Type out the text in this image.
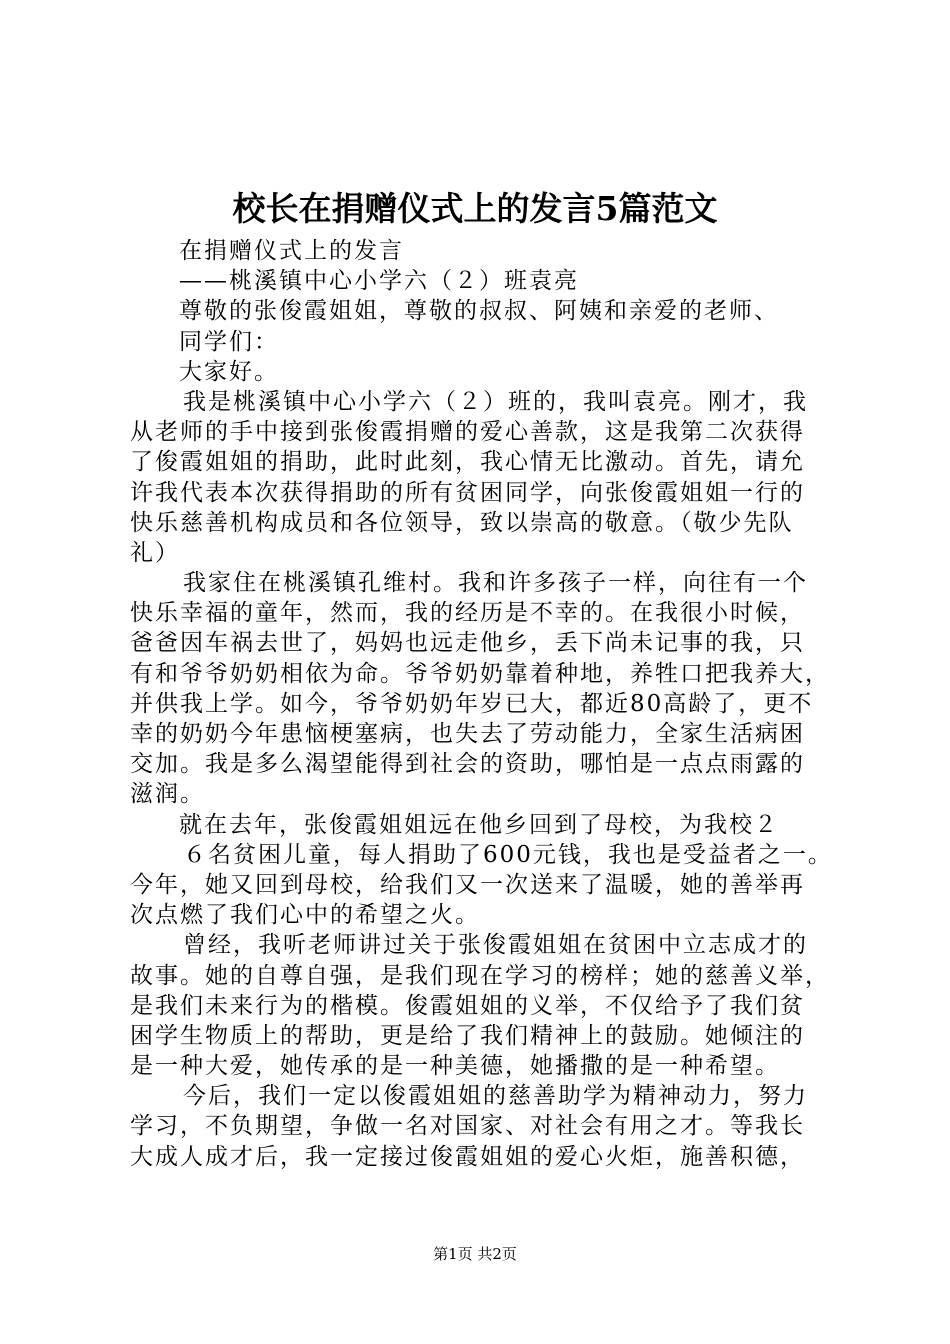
校长在捐赠仪式上的发言5篇范文
在捐赠仪式上的发言
——桃溪镇中心小学六（２）班袁亮
尊敬的张俊霞姐姐，尊敬的叔叔、阿姨和亲爱的老师、
同学们：
大家好。
我是桃溪镇中心小学六（２）班的，我叫袁亮。刚才，我
从老师的手中接到张俊霞捐赠的爱心善款，这是我第二次获得
了俊霞姐姐的捐助，此时此刻，我心情无比激动。首先，请允
许我代表本次获得捐助的所有贫困同学，向张俊霞姐姐一行的
快乐慈善机构成员和各位领导，致以崇高的敬意。（敬少先队
礼）
我家住在桃溪镇孔维村。我和许多孩子一样，向往有一个
快乐幸福的童年，然而，我的经历是不幸的。在我很小时候，
爸爸因车祸去世了，妈妈也远走他乡，丢下尚未记事的我，只
有和爷爷奶奶相依为命。爷爷奶奶靠着种地，养牲口把我养大，
并供我上学。如今，爷爷奶奶年岁已大，都近80高龄了，更不
幸的奶奶今年患恼梗塞病，也失去了劳动能力，全家生活病困
交加。我是多么渴望能得到社会的资助，哪怕是一点点雨露的
滋润。
就在去年，张俊霞姐姐远在他乡回到了母校，为我校２
６名贫困儿童，每人捐助了600元钱，我也是受益者之一。
今年，她又回到母校，给我们又一次送来了温暖，她的善举再
次点燃了我们心中的希望之火。
曾经，我听老师讲过关于张俊霞姐姐在贫困中立志成才的
故事。她的自尊自强，是我们现在学习的榜样；她的慈善义举，
是我们未来行为的楷模。俊霞姐姐的义举，不仅给予了我们贫
困学生物质上的帮助，更是给了我们精神上的鼓励。她倾注的
是一种大爱，她传承的是一种美德，她播撒的是一种希望。
今后，我们一定以俊霞姐姐的慈善助学为精神动力，努力
学习，不负期望，争做一名对国家、对社会有用之才。等我长
大成人成才后，我一定接过俊霞姐姐的爱心火炬，施善积德，
第1页 共2页
